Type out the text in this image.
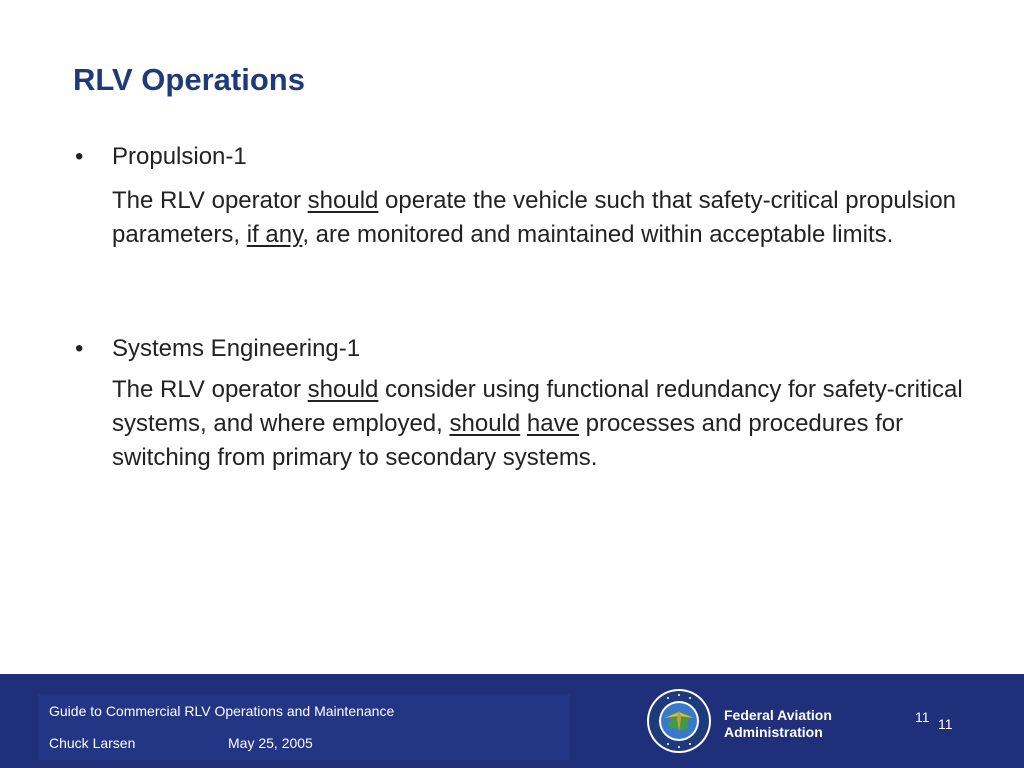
RLV Operations
• Propulsion-1
The RLV operator should operate the vehicle such that safety-critical propulsion parameters, if any, are monitored and maintained within acceptable limits.
• Systems Engineering-1
The RLV operator should consider using functional redundancy for safety-critical systems, and where employed, should have processes and procedures for switching from primary to secondary systems.
Guide to Commercial RLV Operations and Maintenance
Chuck Larsen	May 25, 2005
Federal Aviation
Administration
11 11
